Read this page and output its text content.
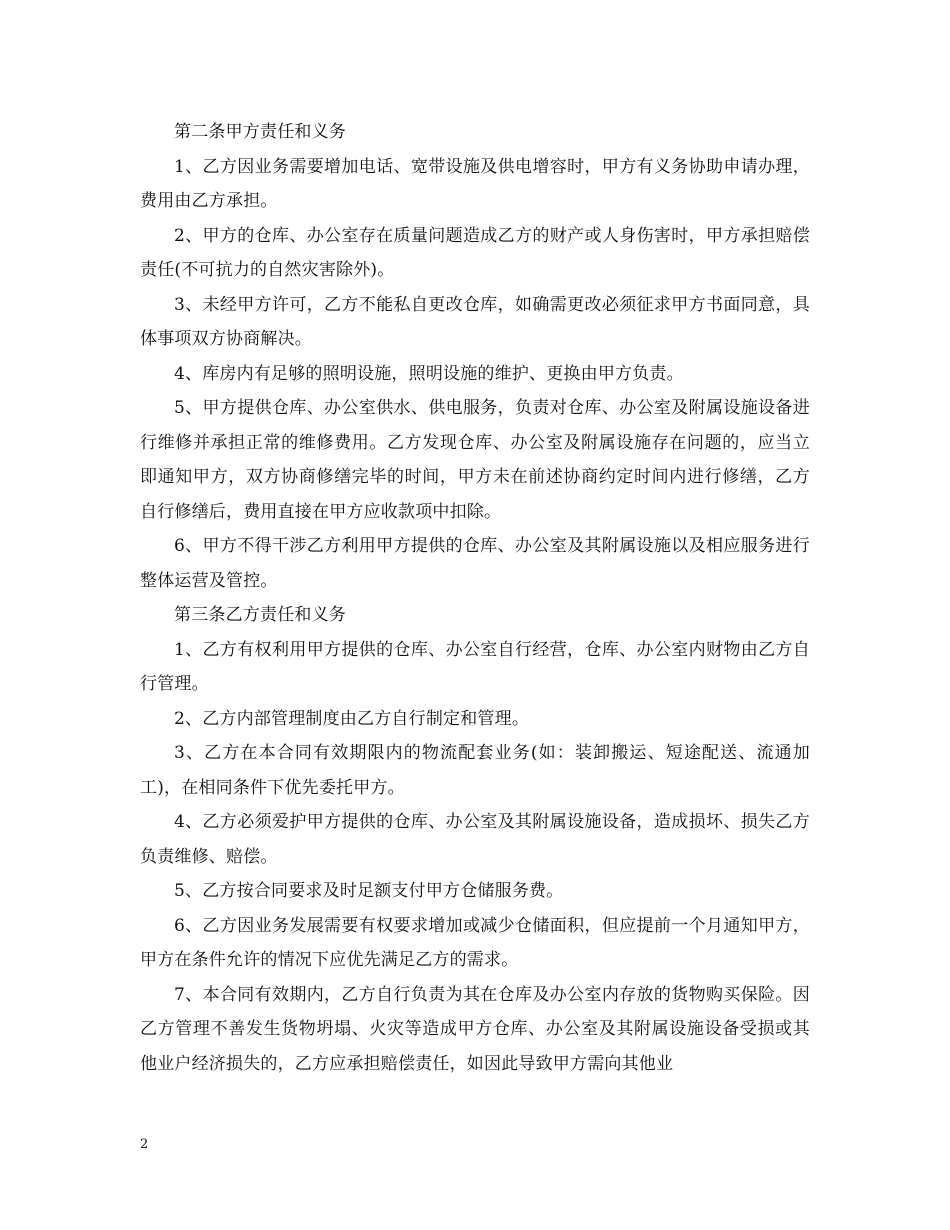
第二条甲方责任和义务

1、乙方因业务需要增加电话、宽带设施及供电增容时，甲方有义务协助申请办理，费用由乙方承担。

2、甲方的仓库、办公室存在质量问题造成乙方的财产或人身伤害时，甲方承担赔偿责任(不可抗力的自然灾害除外)。

3、未经甲方许可，乙方不能私自更改仓库，如确需更改必须征求甲方书面同意，具体事项双方协商解决。

4、库房内有足够的照明设施，照明设施的维护、更换由甲方负责。

5、甲方提供仓库、办公室供水、供电服务，负责对仓库、办公室及附属设施设备进行维修并承担正常的维修费用。乙方发现仓库、办公室及附属设施存在问题的，应当立即通知甲方，双方协商修缮完毕的时间，甲方未在前述协商约定时间内进行修缮，乙方自行修缮后，费用直接在甲方应收款项中扣除。

6、甲方不得干涉乙方利用甲方提供的仓库、办公室及其附属设施以及相应服务进行整体运营及管控。

第三条乙方责任和义务

1、乙方有权利用甲方提供的仓库、办公室自行经营，仓库、办公室内财物由乙方自行管理。

2、乙方内部管理制度由乙方自行制定和管理。

3、乙方在本合同有效期限内的物流配套业务(如：装卸搬运、短途配送、流通加工)，在相同条件下优先委托甲方。

4、乙方必须爱护甲方提供的仓库、办公室及其附属设施设备，造成损坏、损失乙方负责维修、赔偿。

5、乙方按合同要求及时足额支付甲方仓储服务费。

6、乙方因业务发展需要有权要求增加或减少仓储面积，但应提前一个月通知甲方，甲方在条件允许的情况下应优先满足乙方的需求。

7、本合同有效期内，乙方自行负责为其在仓库及办公室内存放的货物购买保险。因乙方管理不善发生货物坍塌、火灾等造成甲方仓库、办公室及其附属设施设备受损或其他业户经济损失的，乙方应承担赔偿责任，如因此导致甲方需向其他业

2
